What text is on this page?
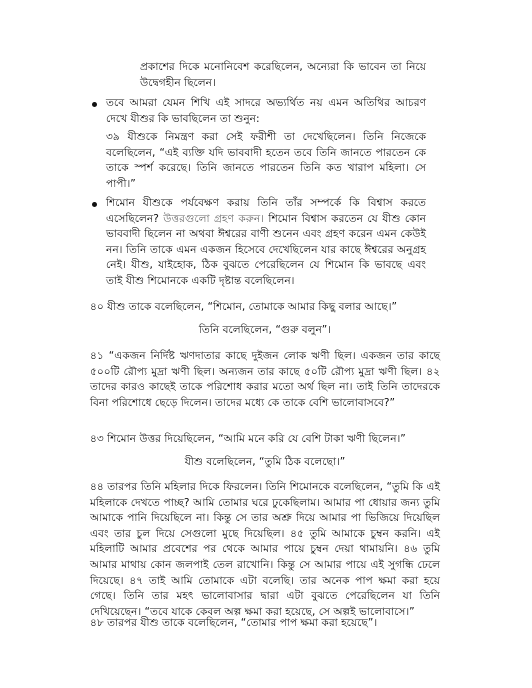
প্রকাশের দিকে মনোনিবেশ করেছিলেন, অন্যেরা কি ভাবেন তা নিয়ে উদ্বেগহীন ছিলেন।

তবে আমরা যেমন শিখি এই সাদরে অভ্যর্থিত নয় এমন অতিথির আচরণ দেখে যীশুর কি ভাবছিলেন তা শুনুন:

৩৯ যীশুকে নিমন্ত্রণ করা সেই ফরীশী তা দেখেছিলেন। তিনি নিজেকে বলেছিলেন, “এই ব্যক্তি যদি ভাববাদী হতেন তবে তিনি জানতে পারতেন কে তাকে স্পর্শ করেছে। তিনি জানতে পারতেন তিনি কত খারাপ মহিলা। সে পাপী।”

শিমোন যীশুকে পর্যবেক্ষণ করায় তিনি তাঁর সম্পর্কে কি বিশ্বাস করতে এসেছিলেন? উত্তরগুলো গ্রহণ করুন। শিমোন বিশ্বাস করতেন যে যীশু কোন ভাববাদী ছিলেন না অথবা ঈশ্বরের বাণী শুনেন এবং গ্রহণ করেন এমন কেউই নন। তিনি তাকে এমন একজন হিসেবে দেখেছিলেন যার কাছে ঈশ্বরের অনুগ্রহ নেই। যীশু, যাইহোক, ঠিক বুঝতে পেরেছিলেন যে শিমোন কি ভাবছে এবং তাই যীশু শিমোনকে একটি দৃষ্টান্ত বলেছিলেন।

৪০ যীশু তাকে বলেছিলেন, “শিমোন, তোমাকে আমার কিছু বলার আছে।”

তিনি বলেছিলেন, “গুরু বলুন”।

৪১ “একজন নির্দিষ্ট ঋণদাতার কাছে দুইজন লোক ঋণী ছিল। একজন তার কাছে ৫০০টি রৌপ্য মুদ্রা ঋণী ছিল। অন্যজন তার কাছে ৫০টি রৌপ্য মুদ্রা ঋণী ছিল। ৪২ তাদের কারও কাছেই তাকে পরিশোধ করার মতো অর্থ ছিল না। তাই তিনি তাদেরকে বিনা পরিশোধে ছেড়ে দিলেন। তাদের মধ্যে কে তাকে বেশি ভালোবাসবে?”

৪৩ শিমোন উত্তর দিয়েছিলেন, “আমি মনে করি যে বেশি টাকা ঋণী ছিলেন।”

যীশু বলেছিলেন, “তুমি ঠিক বলেছো।”

৪৪ তারপর তিনি মহিলার দিকে ফিরলেন। তিনি শিমোনকে বলেছিলেন, “তুমি কি এই মহিলাকে দেখতে পাচ্ছ? আমি তোমার ঘরে ঢুকেছিলাম। আমার পা ধোয়ার জন্য তুমি আমাকে পানি দিয়েছিলে না। কিন্তু সে তার অশ্রু দিয়ে আমার পা ভিজিয়ে দিয়েছিল এবং তার চুল দিয়ে সেগুলো মুছে দিয়েছিল। ৪৫ তুমি আমাকে চুম্বন করনি। এই মহিলাটি আমার প্রবেশের পর থেকে আমার পায়ে চুম্বন দেয়া থামায়নি। ৪৬ তুমি আমার মাথায় কোন জলপাই তেল রাখোনি। কিন্তু সে আমার পায়ে এই সুগন্ধি ঢেলে দিয়েছে। ৪৭ তাই আমি তোমাকে এটা বলেছি। তার অনেক পাপ ক্ষমা করা হয়ে গেছে। তিনি তার মহৎ ভালোবাসার দ্বারা এটা বুঝতে পেরেছিলেন যা তিনি দেখিয়েছেন। “তবে যাকে কেবল অল্প ক্ষমা করা হয়েছে, সে অল্পই ভালোবাসে।”

৪৮ তারপর যীশু তাকে বলেছিলেন, “তোমার পাপ ক্ষমা করা হয়েছে”।
